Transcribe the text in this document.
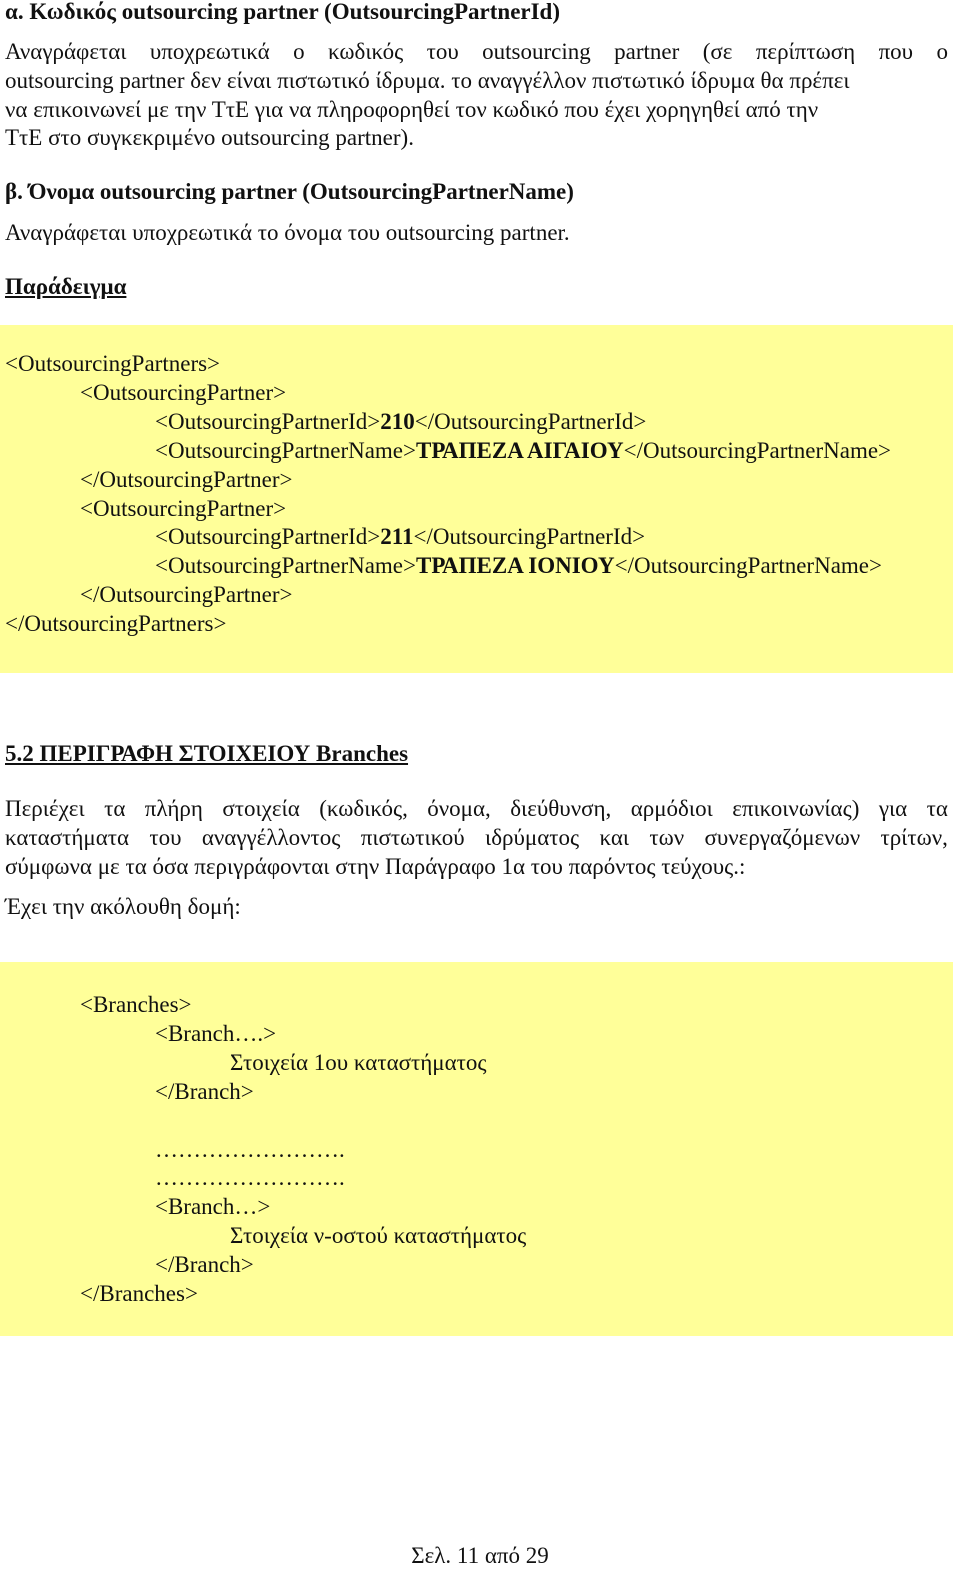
α. Κωδικός outsourcing partner (OutsourcingPartnerId)
Αναγράφεται υποχρεωτικά ο κωδικός του outsourcing partner (σε περίπτωση που ο
outsourcing partner δεν είναι πιστωτικό ίδρυμα. το αναγγέλλον πιστωτικό ίδρυμα θα πρέπει
να επικοινωνεί με την ΤτΕ για να πληροφορηθεί τον κωδικό που έχει χορηγηθεί από την
ΤτΕ στο συγκεκριμένο outsourcing partner).
β. Όνομα outsourcing partner (OutsourcingPartnerName)
Αναγράφεται υποχρεωτικά το όνομα του outsourcing partner.
Παράδειγμα
<OutsourcingPartners>
<OutsourcingPartner>
<OutsourcingPartnerId>210</OutsourcingPartnerId>
<OutsourcingPartnerName>ΤΡΑΠΕΖΑ ΑΙΓΑΙΟΥ</OutsourcingPartnerName>
</OutsourcingPartner>
<OutsourcingPartner>
<OutsourcingPartnerId>211</OutsourcingPartnerId>
<OutsourcingPartnerName>ΤΡΑΠΕΖΑ ΙΟΝΙΟΥ</OutsourcingPartnerName>
</OutsourcingPartner>
</OutsourcingPartners>
5.2 ΠΕΡΙΓΡΑΦΗ ΣΤΟΙΧΕΙΟΥ Branches
Περιέχει τα πλήρη στοιχεία (κωδικός, όνομα, διεύθυνση, αρμόδιοι επικοινωνίας) για τα
καταστήματα του αναγγέλλοντος πιστωτικού ιδρύματος και των συνεργαζόμενων τρίτων,
σύμφωνα με τα όσα περιγράφονται στην Παράγραφο 1α του παρόντος τεύχους.:
Έχει την ακόλουθη δομή:
<Branches>
<Branch….>
Στοιχεία 1ου καταστήματος
</Branch>
…………………….
…………………….
<Branch…>
Στοιχεία ν-οστού καταστήματος
</Branch>
</Branches>
Σελ. 11 από 29
